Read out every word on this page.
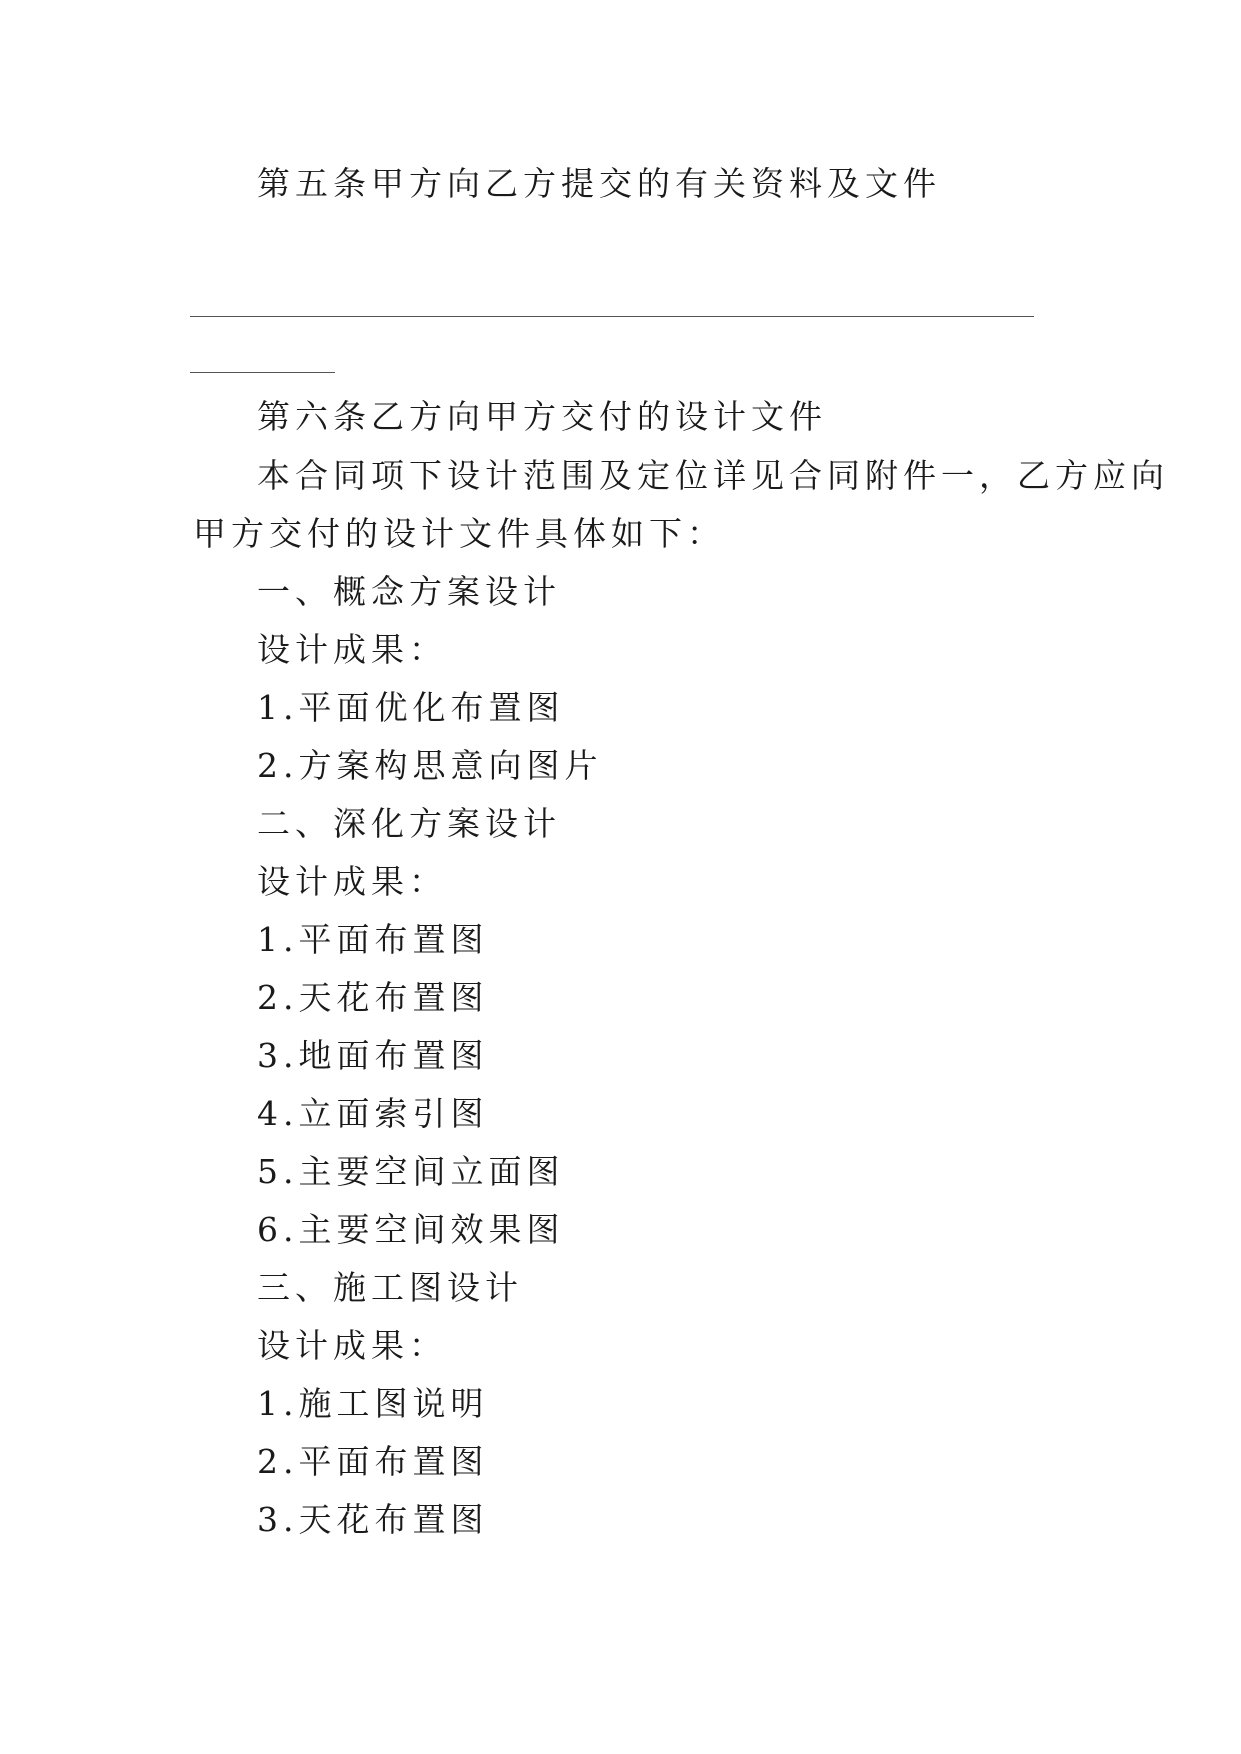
第五条甲方向乙方提交的有关资料及文件
第六条乙方向甲方交付的设计文件
本合同项下设计范围及定位详见合同附件一，乙方应向
甲方交付的设计文件具体如下：
一、概念方案设计
设计成果：
1.平面优化布置图
2.方案构思意向图片
二、深化方案设计
设计成果：
1.平面布置图
2.天花布置图
3.地面布置图
4.立面索引图
5.主要空间立面图
6.主要空间效果图
三、施工图设计
设计成果：
1.施工图说明
2.平面布置图
3.天花布置图
